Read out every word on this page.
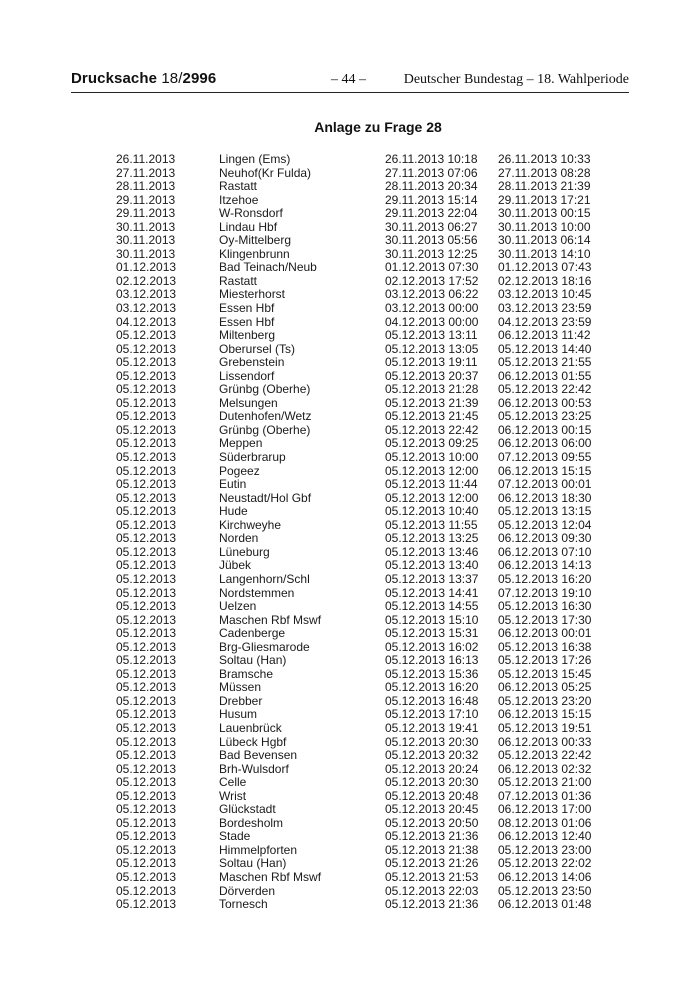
Drucksache 18/2996	– 44 –	Deutscher Bundestag – 18. Wahlperiode
Anlage zu Frage 28
26.11.2013	Lingen (Ems)	26.11.2013 10:18 26.11.2013 10:33
27.11.2013	Neuhof(Kr Fulda)	27.11.2013 07:06 27.11.2013 08:28
28.11.2013	Rastatt	28.11.2013 20:34 28.11.2013 21:39
29.11.2013	Itzehoe	29.11.2013 15:14 29.11.2013 17:21
29.11.2013	W-Ronsdorf	29.11.2013 22:04 30.11.2013 00:15
30.11.2013	Lindau Hbf	30.11.2013 06:27 30.11.2013 10:00
30.11.2013	Oy-Mittelberg	30.11.2013 05:56 30.11.2013 06:14
30.11.2013	Klingenbrunn	30.11.2013 12:25 30.11.2013 14:10
01.12.2013	Bad Teinach/Neub	01.12.2013 07:30 01.12.2013 07:43
02.12.2013	Rastatt	02.12.2013 17:52 02.12.2013 18:16
03.12.2013	Miesterhorst	03.12.2013 06:22 03.12.2013 10:45
03.12.2013	Essen Hbf	03.12.2013 00:00 03.12.2013 23:59
04.12.2013	Essen Hbf	04.12.2013 00:00 04.12.2013 23:59
05.12.2013	Miltenberg	05.12.2013 13:11 06.12.2013 11:42
05.12.2013	Oberursel (Ts)	05.12.2013 13:05 05.12.2013 14:40
05.12.2013	Grebenstein	05.12.2013 19:11 05.12.2013 21:55
05.12.2013	Lissendorf	05.12.2013 20:37 06.12.2013 01:55
05.12.2013	Grünbg (Oberhe)	05.12.2013 21:28 05.12.2013 22:42
05.12.2013	Melsungen	05.12.2013 21:39 06.12.2013 00:53
05.12.2013	Dutenhofen/Wetz	05.12.2013 21:45 05.12.2013 23:25
05.12.2013	Grünbg (Oberhe)	05.12.2013 22:42 06.12.2013 00:15
05.12.2013	Meppen	05.12.2013 09:25 06.12.2013 06:00
05.12.2013	Süderbrarup	05.12.2013 10:00 07.12.2013 09:55
05.12.2013	Pogeez	05.12.2013 12:00 06.12.2013 15:15
05.12.2013	Eutin	05.12.2013 11:44 07.12.2013 00:01
05.12.2013	Neustadt/Hol Gbf	05.12.2013 12:00 06.12.2013 18:30
05.12.2013	Hude	05.12.2013 10:40 05.12.2013 13:15
05.12.2013	Kirchweyhe	05.12.2013 11:55 05.12.2013 12:04
05.12.2013	Norden	05.12.2013 13:25 06.12.2013 09:30
05.12.2013	Lüneburg	05.12.2013 13:46 06.12.2013 07:10
05.12.2013	Jübek	05.12.2013 13:40 06.12.2013 14:13
05.12.2013	Langenhorn/Schl	05.12.2013 13:37 05.12.2013 16:20
05.12.2013	Nordstemmen	05.12.2013 14:41 07.12.2013 19:10
05.12.2013	Uelzen	05.12.2013 14:55 05.12.2013 16:30
05.12.2013	Maschen Rbf Mswf	05.12.2013 15:10 05.12.2013 17:30
05.12.2013	Cadenberge	05.12.2013 15:31 06.12.2013 00:01
05.12.2013	Brg-Gliesmarode	05.12.2013 16:02 05.12.2013 16:38
05.12.2013	Soltau (Han)	05.12.2013 16:13 05.12.2013 17:26
05.12.2013	Bramsche	05.12.2013 15:36 05.12.2013 15:45
05.12.2013	Müssen	05.12.2013 16:20 06.12.2013 05:25
05.12.2013	Drebber	05.12.2013 16:48 05.12.2013 23:20
05.12.2013	Husum	05.12.2013 17:10 06.12.2013 15:15
05.12.2013	Lauenbrück	05.12.2013 19:41 05.12.2013 19:51
05.12.2013	Lübeck Hgbf	05.12.2013 20:30 06.12.2013 00:33
05.12.2013	Bad Bevensen	05.12.2013 20:32 05.12.2013 22:42
05.12.2013	Brh-Wulsdorf	05.12.2013 20:24 06.12.2013 02:32
05.12.2013	Celle	05.12.2013 20:30 05.12.2013 21:00
05.12.2013	Wrist	05.12.2013 20:48 07.12.2013 01:36
05.12.2013	Glückstadt	05.12.2013 20:45 06.12.2013 17:00
05.12.2013	Bordesholm	05.12.2013 20:50 08.12.2013 01:06
05.12.2013	Stade	05.12.2013 21:36 06.12.2013 12:40
05.12.2013	Himmelpforten	05.12.2013 21:38 05.12.2013 23:00
05.12.2013	Soltau (Han)	05.12.2013 21:26 05.12.2013 22:02
05.12.2013	Maschen Rbf Mswf	05.12.2013 21:53 06.12.2013 14:06
05.12.2013	Dörverden	05.12.2013 22:03 05.12.2013 23:50
05.12.2013	Tornesch	05.12.2013 21:36 06.12.2013 01:48
